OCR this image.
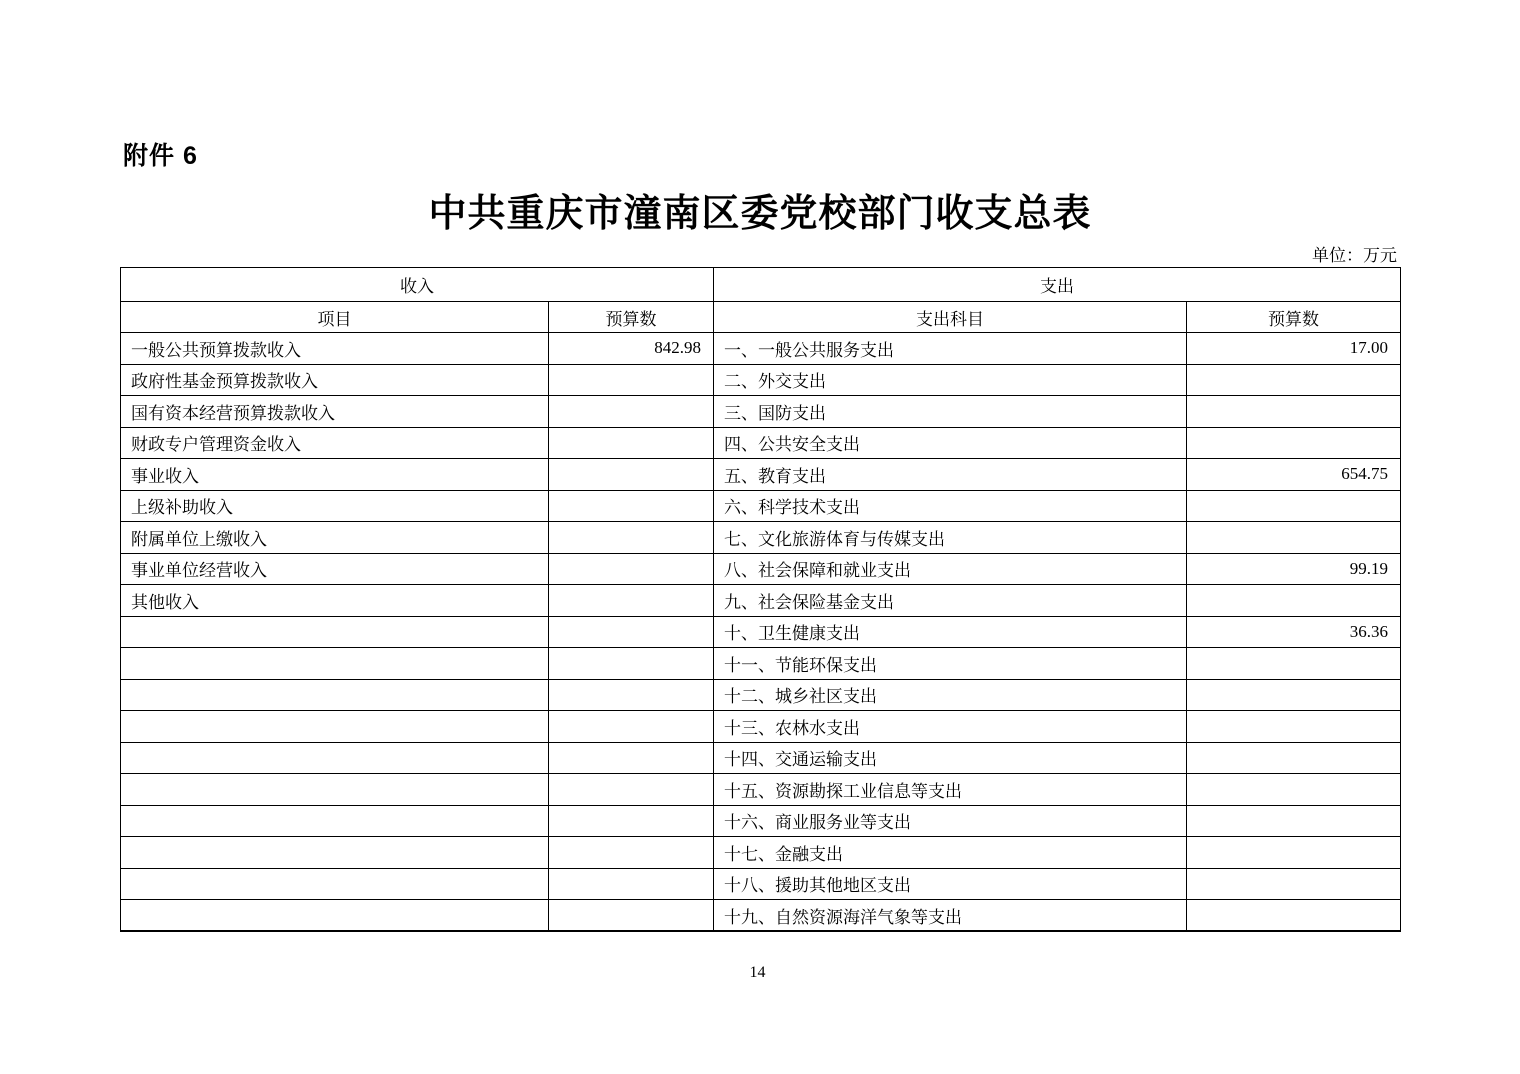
附件 6
中共重庆市潼南区委党校部门收支总表
单位：万元
收入		支出	
项目	预算数	支出科目	预算数
一般公共预算拨款收入	842.98	一、一般公共服务支出	17.00
政府性基金预算拨款收入		二、外交支出	
国有资本经营预算拨款收入		三、国防支出	
财政专户管理资金收入		四、公共安全支出	
事业收入		五、教育支出	654.75
上级补助收入		六、科学技术支出	
附属单位上缴收入		七、文化旅游体育与传媒支出	
事业单位经营收入		八、社会保障和就业支出	99.19
其他收入		九、社会保险基金支出	
		十、卫生健康支出	36.36
		十一、节能环保支出	
		十二、城乡社区支出	
		十三、农林水支出	
		十四、交通运输支出	
		十五、资源勘探工业信息等支出	
		十六、商业服务业等支出	
		十七、金融支出	
		十八、援助其他地区支出	
		十九、自然资源海洋气象等支出	
14
